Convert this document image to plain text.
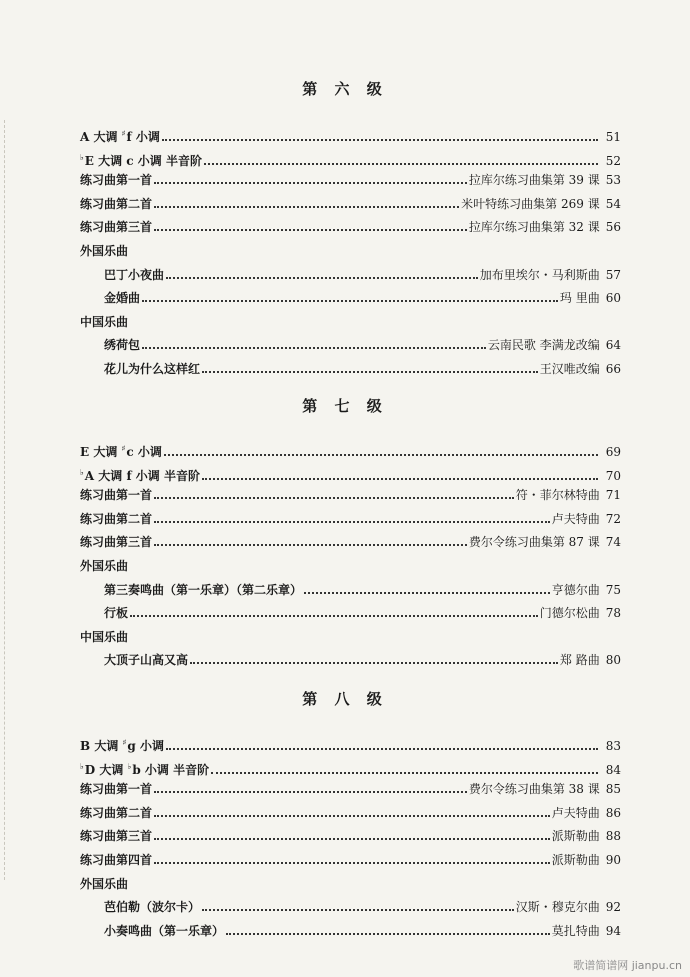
第 六 级
A 大调 ♯f 小调	51
♭E 大调 c 小调 半音阶	52
练习曲第一首	拉库尔练习曲集第 39 课 53
练习曲第二首	米叶特练习曲集第 269 课 54
练习曲第三首	拉库尔练习曲集第 32 课 56
外国乐曲
巴丁小夜曲	加布里埃尔・马利斯曲 57
金婚曲	玛 里曲 60
中国乐曲
绣荷包	云南民歌 李满龙改编 64
花儿为什么这样红	王汉唯改编 66
第 七 级
E 大调 ♯c 小调	69
♭A 大调 f 小调 半音阶	70
练习曲第一首	符・菲尔林特曲 71
练习曲第二首	卢夫特曲 72
练习曲第三首	费尔令练习曲集第 87 课 74
外国乐曲
第三奏鸣曲（第一乐章）（第二乐章）	亨德尔曲 75
行板	门德尔松曲 78
中国乐曲
大顶子山高又高	郑 路曲 80
第 八 级
B 大调 ♯g 小调	83
♭D 大调 ♭b 小调 半音阶	84
练习曲第一首	费尔令练习曲集第 38 课 85
练习曲第二首	卢夫特曲 86
练习曲第三首	派斯勒曲 88
练习曲第四首	派斯勒曲 90
外国乐曲
芭伯勒（波尔卡）	汉斯・穆克尔曲 92
小奏鸣曲（第一乐章）	莫扎特曲 94
歌谱简谱网 jianpu.cn
